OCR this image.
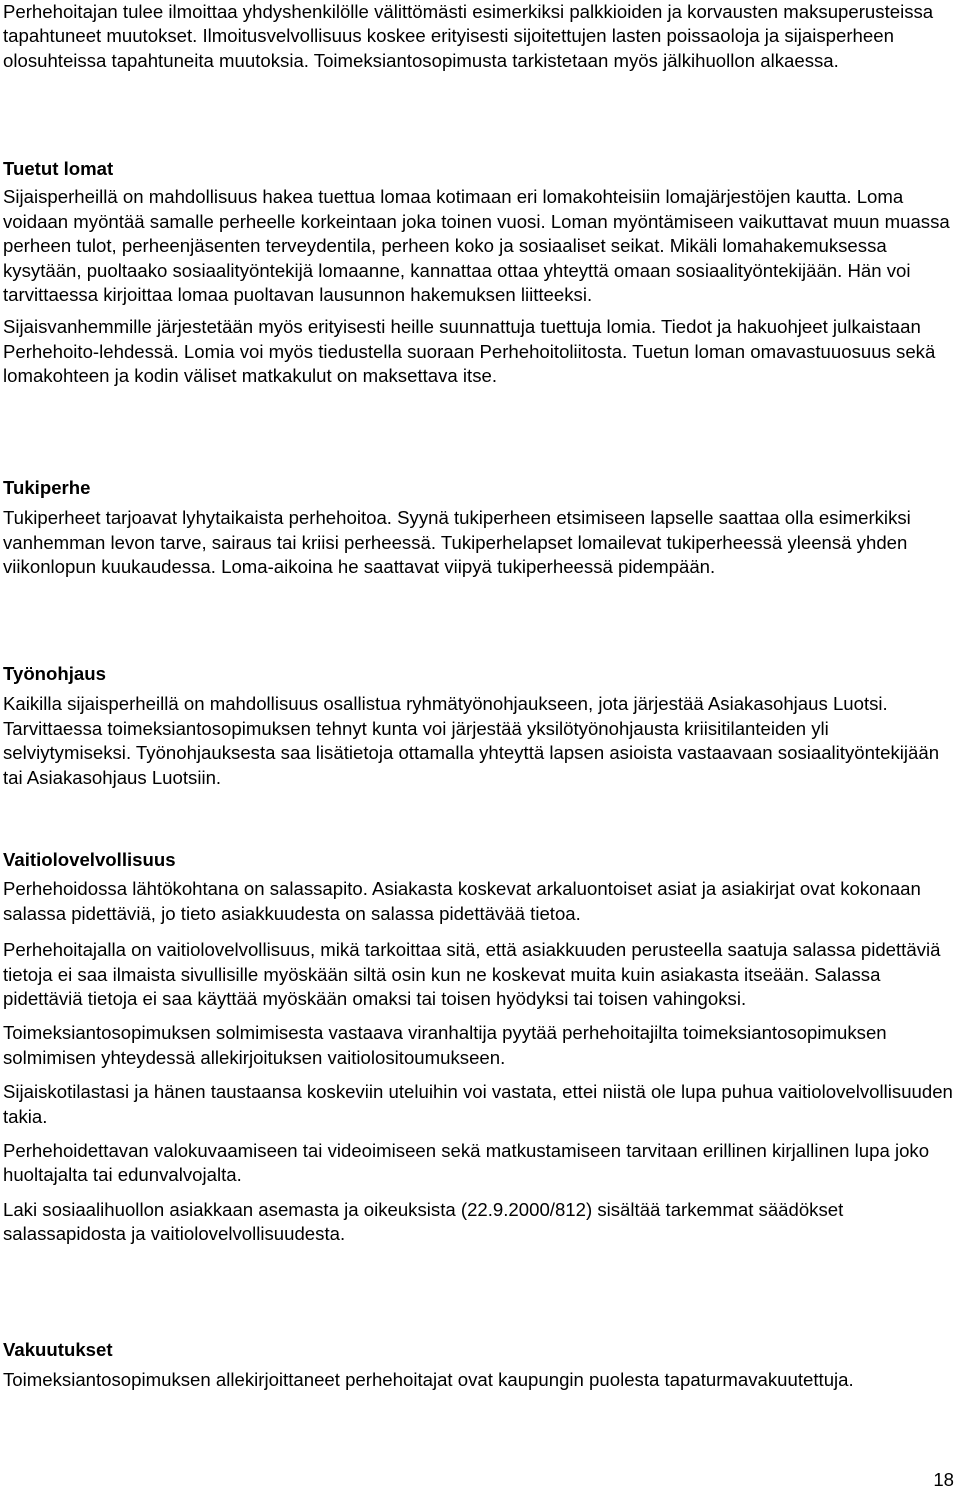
Perhehoitajan tulee ilmoittaa yhdyshenkilölle välittömästi esimerkiksi palkkioiden ja korvausten maksuperusteissa tapahtuneet muutokset. Ilmoitusvelvollisuus koskee erityisesti sijoitettujen lasten poissaoloja ja sijaisperheen olosuhteissa tapahtuneita muutoksia. Toimeksiantosopimusta tarkistetaan myös jälkihuollon alkaessa.

Tuetut lomat

Sijaisperheillä on mahdollisuus hakea tuettua lomaa kotimaan eri lomakohteisiin lomajärjestöjen kautta. Loma voidaan myöntää samalle perheelle korkeintaan joka toinen vuosi. Loman myöntämiseen vaikuttavat muun muassa perheen tulot, perheenjäsenten terveydentila, perheen koko ja sosiaaliset seikat. Mikäli lomahakemuksessa kysytään, puoltaako sosiaalityöntekijä lomaanne, kannattaa ottaa yhteyttä omaan sosiaalityöntekijään. Hän voi tarvittaessa kirjoittaa lomaa puoltavan lausunnon hakemuksen liitteeksi.

Sijaisvanhemmille järjestetään myös erityisesti heille suunnattuja tuettuja lomia. Tiedot ja hakuohjeet julkaistaan Perhehoito-lehdessä. Lomia voi myös tiedustella suoraan Perhehoitoliitosta. Tuetun loman omavastuuosuus sekä lomakohteen ja kodin väliset matkakulut on maksettava itse.

Tukiperhe

Tukiperheet tarjoavat lyhytaikaista perhehoitoa. Syynä tukiperheen etsimiseen lapselle saattaa olla esimerkiksi vanhemman levon tarve, sairaus tai kriisi perheessä. Tukiperhelapset lomailevat tukiperheessä yleensä yhden viikonlopun kuukaudessa. Loma-aikoina he saattavat viipyä tukiperheessä pidempään.

Työnohjaus

Kaikilla sijaisperheillä on mahdollisuus osallistua ryhmätyönohjaukseen, jota järjestää Asiakasohjaus Luotsi. Tarvittaessa toimeksiantosopimuksen tehnyt kunta voi järjestää yksilötyönohjausta kriisitilanteiden yli selviytymiseksi. Työnohjauksesta saa lisätietoja ottamalla yhteyttä lapsen asioista vastaavaan sosiaalityöntekijään tai Asiakasohjaus Luotsiin.

Vaitiolovelvollisuus

Perhehoidossa lähtökohtana on salassapito. Asiakasta koskevat arkaluontoiset asiat ja asiakirjat ovat kokonaan salassa pidettäviä, jo tieto asiakkuudesta on salassa pidettävää tietoa.

Perhehoitajalla on vaitiolovelvollisuus, mikä tarkoittaa sitä, että asiakkuuden perusteella saatuja salassa pidettäviä tietoja ei saa ilmaista sivullisille myöskään siltä osin kun ne koskevat muita kuin asiakasta itseään. Salassa pidettäviä tietoja ei saa käyttää myöskään omaksi tai toisen hyödyksi tai toisen vahingoksi.

Toimeksiantosopimuksen solmimisesta vastaava viranhaltija pyytää perhehoitajilta toimeksiantosopimuksen solmimisen yhteydessä allekirjoituksen vaitiolositoumukseen.

Sijaiskotilastasi ja hänen taustaansa koskeviin uteluihin voi vastata, ettei niistä ole lupa puhua vaitiolovelvollisuuden takia.

Perhehoidettavan valokuvaamiseen tai videoimiseen sekä matkustamiseen tarvitaan erillinen kirjallinen lupa joko huoltajalta tai edunvalvojalta.

Laki sosiaalihuollon asiakkaan asemasta ja oikeuksista (22.9.2000/812) sisältää tarkemmat säädökset salassapidosta ja vaitiolovelvollisuudesta.

Vakuutukset

Toimeksiantosopimuksen allekirjoittaneet perhehoitajat ovat kaupungin puolesta tapaturmavakuutettuja.

18
